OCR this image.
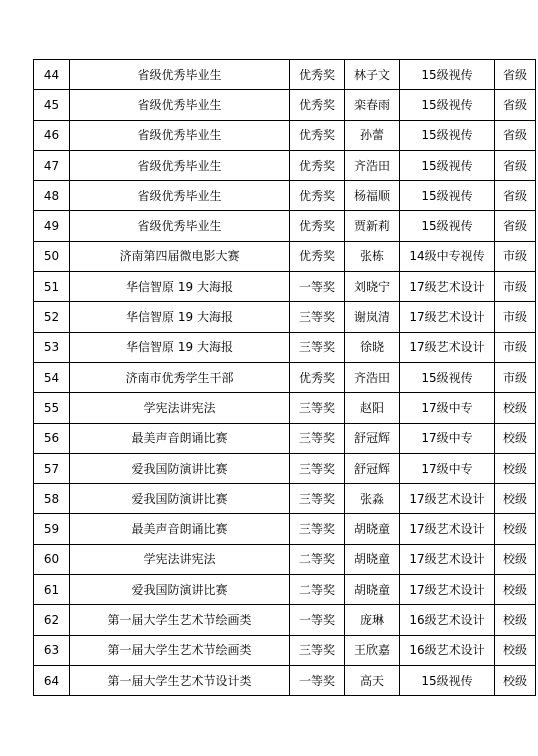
44	省级优秀毕业生	优秀奖	林子文	15级视传	省级
45	省级优秀毕业生	优秀奖	栾春雨	15级视传	省级
46	省级优秀毕业生	优秀奖	孙蕾	15级视传	省级
47	省级优秀毕业生	优秀奖	齐浩田	15级视传	省级
48	省级优秀毕业生	优秀奖	杨福顺	15级视传	省级
49	省级优秀毕业生	优秀奖	贾新莉	15级视传	省级
50	济南第四届微电影大赛	优秀奖	张栋	14级中专视传	市级
51	华信智原 19 大海报	一等奖	刘晓宁	17级艺术设计	市级
52	华信智原 19 大海报	三等奖	谢岚清	17级艺术设计	市级
53	华信智原 19 大海报	三等奖	徐晓	17级艺术设计	市级
54	济南市优秀学生干部	优秀奖	齐浩田	15级视传	市级
55	学宪法讲宪法	三等奖	赵阳	17级中专	校级
56	最美声音朗诵比赛	三等奖	舒冠辉	17级中专	校级
57	爱我国防演讲比赛	三等奖	舒冠辉	17级中专	校级
58	爱我国防演讲比赛	三等奖	张淼	17级艺术设计	校级
59	最美声音朗诵比赛	三等奖	胡晓童	17级艺术设计	校级
60	学宪法讲宪法	二等奖	胡晓童	17级艺术设计	校级
61	爱我国防演讲比赛	二等奖	胡晓童	17级艺术设计	校级
62	第一届大学生艺术节绘画类	一等奖	庞琳	16级艺术设计	校级
63	第一届大学生艺术节绘画类	三等奖	王欣嘉	16级艺术设计	校级
64	第一届大学生艺术节设计类	一等奖	高天	15级视传	校级
